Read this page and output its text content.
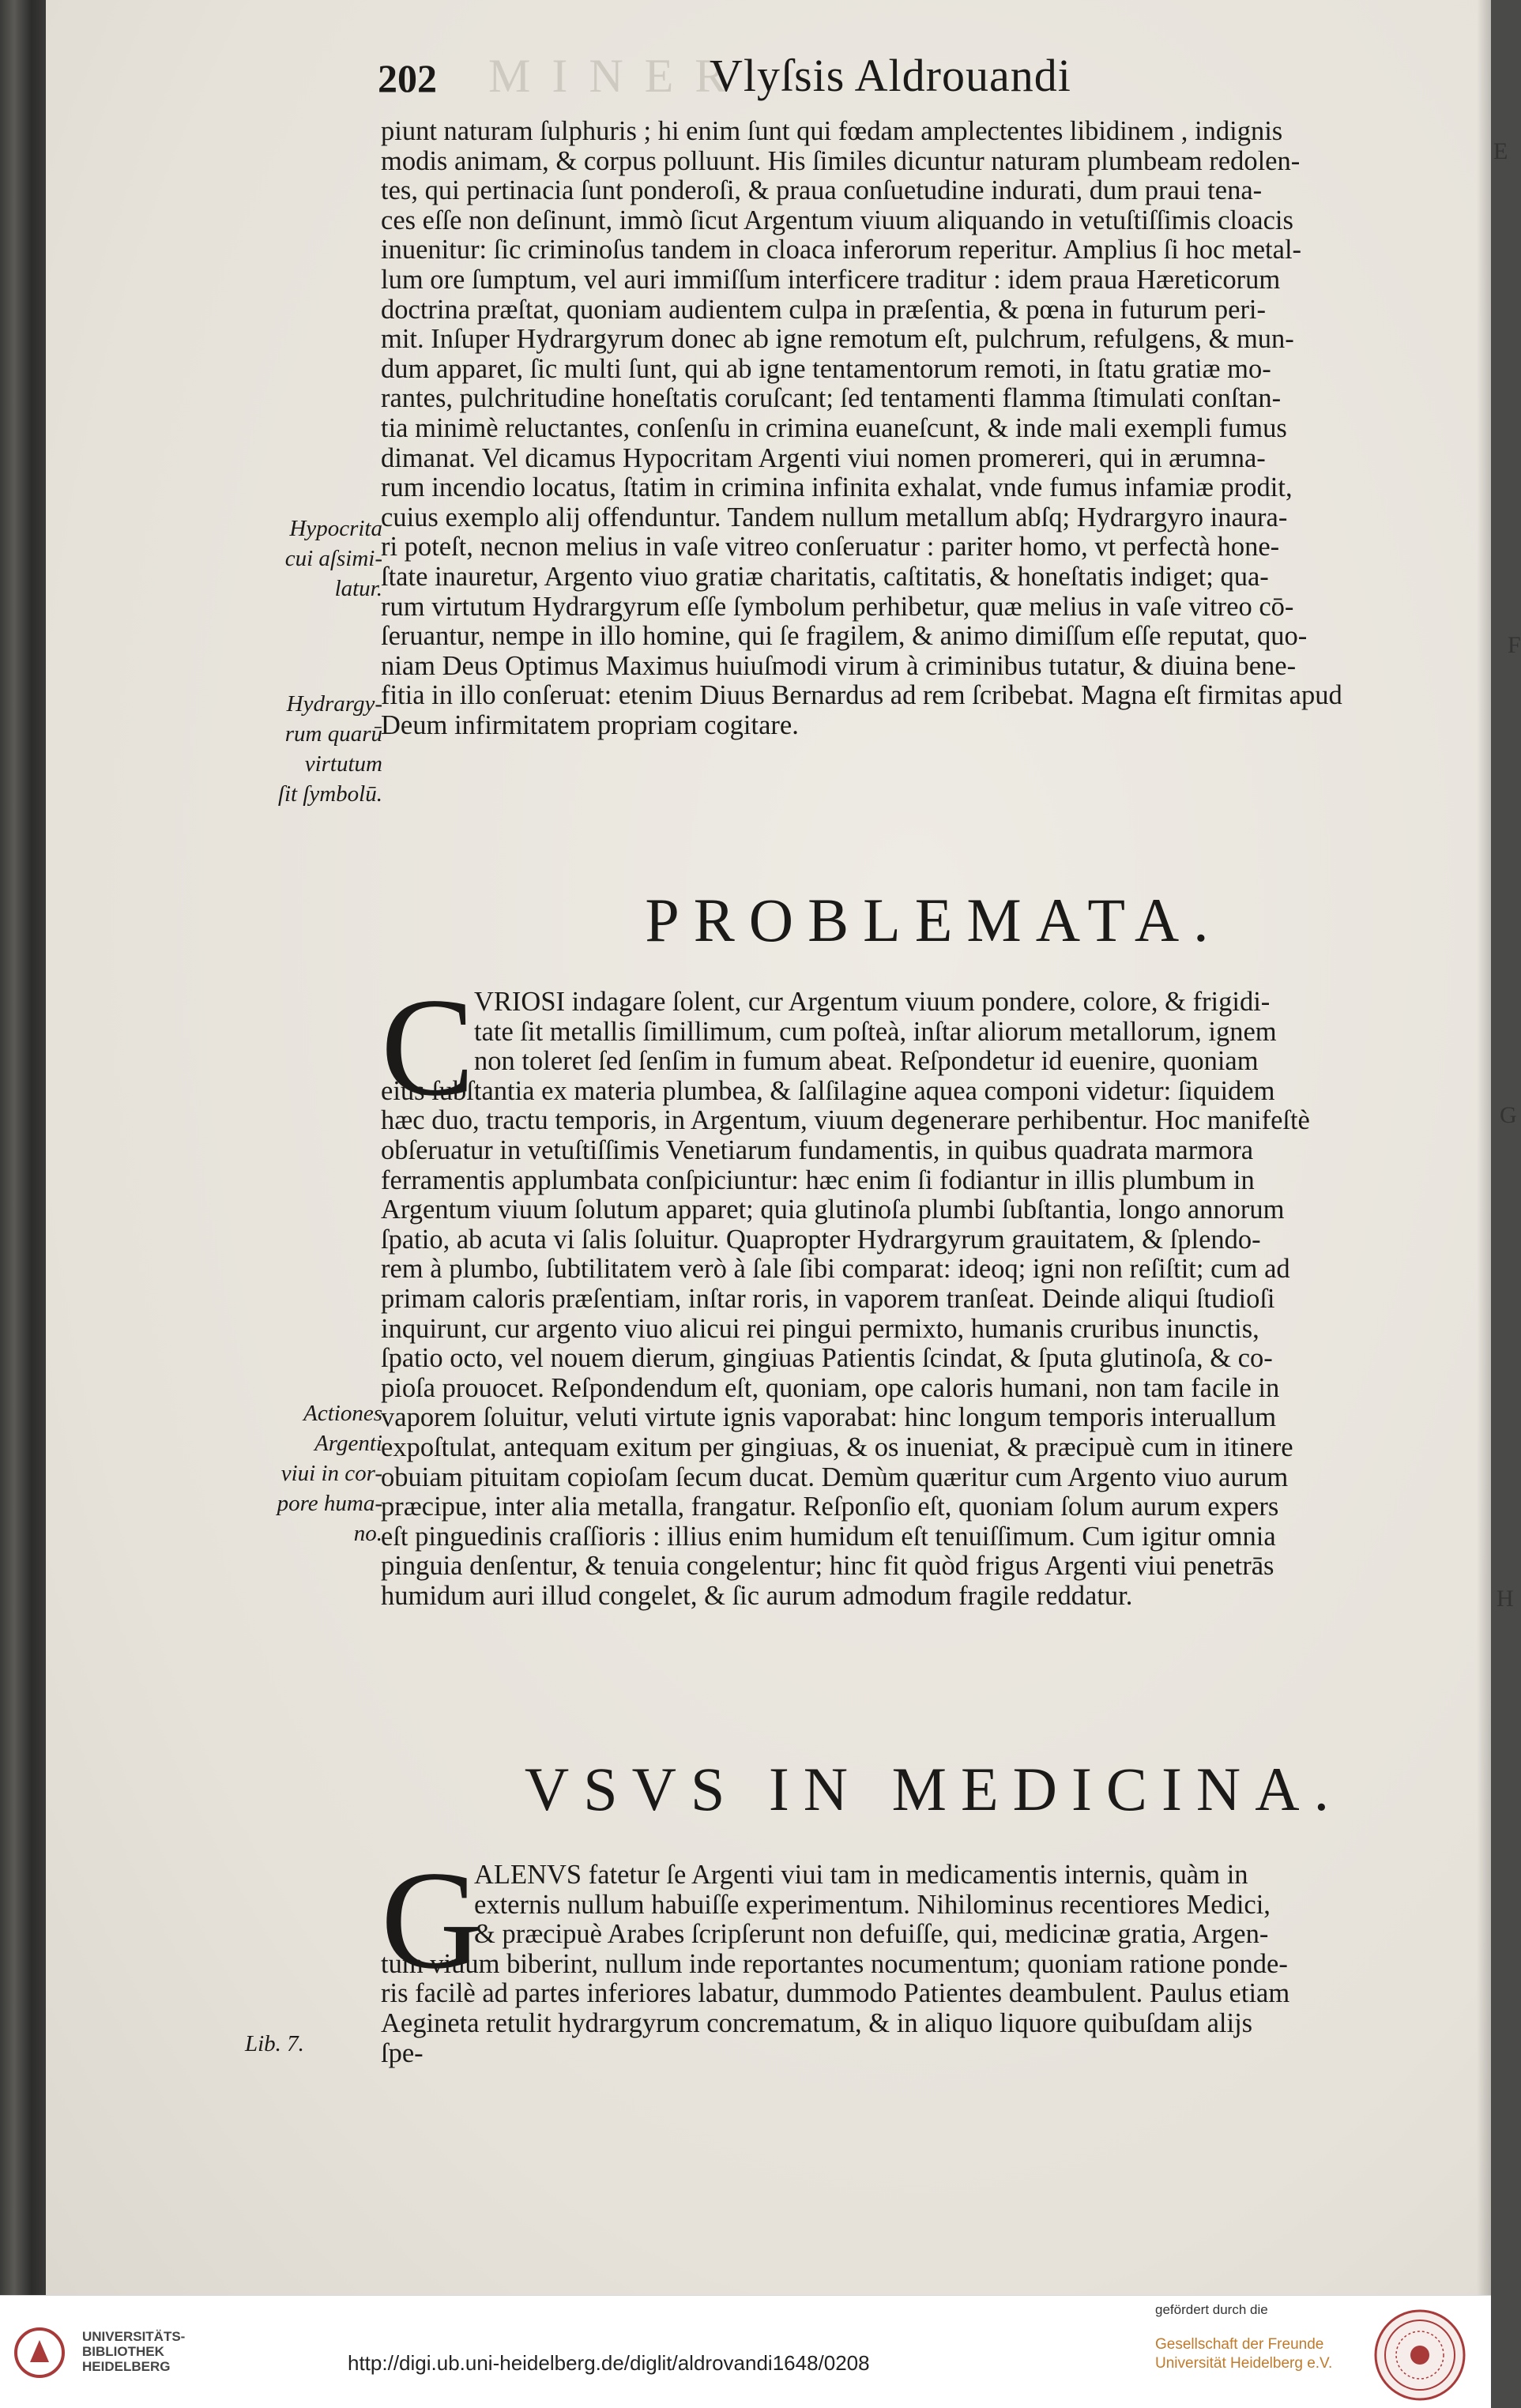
M I N E R
202	Vlyſsis Aldrouandi
piunt naturam ſulphuris ; hi enim ſunt qui fœdam amplectentes libidinem , indignis
modis animam, & corpus polluunt. His ſimiles dicuntur naturam plumbeam redolen-
tes, qui pertinacia ſunt ponderoſi, & praua conſuetudine indurati, dum praui tena-
ces eſſe non deſinunt, immò ſicut Argentum viuum aliquando in vetuſtiſſimis cloacis
inuenitur: ſic criminoſus tandem in cloaca inferorum reperitur. Amplius ſi hoc metal-
lum ore ſumptum, vel auri immiſſum interficere traditur : idem praua Hæreticorum
doctrina præſtat, quoniam audientem culpa in præſentia, & pœna in futurum peri-
mit. Inſuper Hydrargyrum donec ab igne remotum eſt, pulchrum, refulgens, & mun-
dum apparet, ſic multi ſunt, qui ab igne tentamentorum remoti, in ſtatu gratiæ mo-
rantes, pulchritudine honeſtatis coruſcant; ſed tentamenti flamma ſtimulati conſtan-
tia minimè reluctantes, conſenſu in crimina euaneſcunt, & inde mali exempli fumus
dimanat. Vel dicamus Hypocritam Argenti viui nomen promereri, qui in ærumna-
rum incendio locatus, ſtatim in crimina infinita exhalat, vnde fumus infamiæ prodit,
cuius exemplo alij offenduntur. Tandem nullum metallum abſq; Hydrargyro inaura-
ri poteſt, necnon melius in vaſe vitreo conſeruatur : pariter homo, vt perfectà hone-
ſtate inauretur, Argento viuo gratiæ charitatis, caſtitatis, & honeſtatis indiget; qua-
rum virtutum Hydrargyrum eſſe ſymbolum perhibetur, quæ melius in vaſe vitreo cō-
ſeruantur, nempe in illo homine, qui ſe fragilem, & animo dimiſſum eſſe reputat, quo-
niam Deus Optimus Maximus huiuſmodi virum à criminibus tutatur, & diuina bene-
fitia in illo conſeruat: etenim Diuus Bernardus ad rem ſcribebat. Magna eſt firmitas apud
Deum infirmitatem propriam cogitare.
PROBLEMATA.
C VRIOSI indagare ſolent, cur Argentum viuum pondere, colore, & frigidi-
tate ſit metallis ſimillimum, cum poſteà, inſtar aliorum metallorum, ignem
non toleret ſed ſenſim in fumum abeat. Reſpondetur id euenire, quoniam
eius ſubſtantia ex materia plumbea, & ſalſilagine aquea componi videtur: ſiquidem
hæc duo, tractu temporis, in Argentum, viuum degenerare perhibentur. Hoc manifeſtè
obſeruatur in vetuſtiſſimis Venetiarum fundamentis, in quibus quadrata marmora
ferramentis applumbata conſpiciuntur: hæc enim ſi fodiantur in illis plumbum in
Argentum viuum ſolutum apparet; quia glutinoſa plumbi ſubſtantia, longo annorum
ſpatio, ab acuta vi ſalis ſoluitur. Quapropter Hydrargyrum grauitatem, & ſplendo-
rem à plumbo, ſubtilitatem verò à ſale ſibi comparat: ideoq; igni non reſiſtit; cum ad
primam caloris præſentiam, inſtar roris, in vaporem tranſeat. Deinde aliqui ſtudioſi
inquirunt, cur argento viuo alicui rei pingui permixto, humanis cruribus inunctis,
ſpatio octo, vel nouem dierum, gingiuas Patientis ſcindat, & ſputa glutinoſa, & co-
pioſa prouocet. Reſpondendum eſt, quoniam, ope caloris humani, non tam facile in
vaporem ſoluitur, veluti virtute ignis vaporabat: hinc longum temporis interuallum
expoſtulat, antequam exitum per gingiuas, & os inueniat, & præcipuè cum in itinere
obuiam pituitam copioſam ſecum ducat. Demùm quæritur cum Argento viuo aurum
præcipue, inter alia metalla, frangatur. Reſponſio eſt, quoniam ſolum aurum expers
eſt pinguedinis craſſioris : illius enim humidum eſt tenuiſſimum. Cum igitur omnia
pinguia denſentur, & tenuia congelentur; hinc fit quòd frigus Argenti viui penetrās
humidum auri illud congelet, & ſic aurum admodum fragile reddatur.
VSVS IN MEDICINA.
G
ALENVS fatetur ſe Argenti viui tam in medicamentis internis, quàm in
externis nullum habuiſſe experimentum. Nihilominus recentiores Medici,
& præcipuè Arabes ſcripſerunt non defuiſſe, qui, medicinæ gratia, Argen-
tum viuum biberint, nullum inde reportantes nocumentum; quoniam ratione ponde-
ris facilè ad partes inferiores labatur, dummodo Patientes deambulent. Paulus etiam
Aegineta retulit hydrargyrum concrematum, & in aliquo liquore quibuſdam alijs
ſpe-
Hypocrita
cui aſsimi-
latur.
Hydrargy-
rum quarū
virtutum
ſit ſymbolū.
Actiones
Argenti
viui in cor-
pore huma-
no.
Lib. 7.
E
F
G
H
UNIVERSITÄTS-
BIBLIOTHEK
HEIDELBERG	http://digi.ub.uni-heidelberg.de/diglit/aldrovandi1648/0208
gefördert durch die
Gesellschaft der Freunde
Universität Heidelberg e.V.
